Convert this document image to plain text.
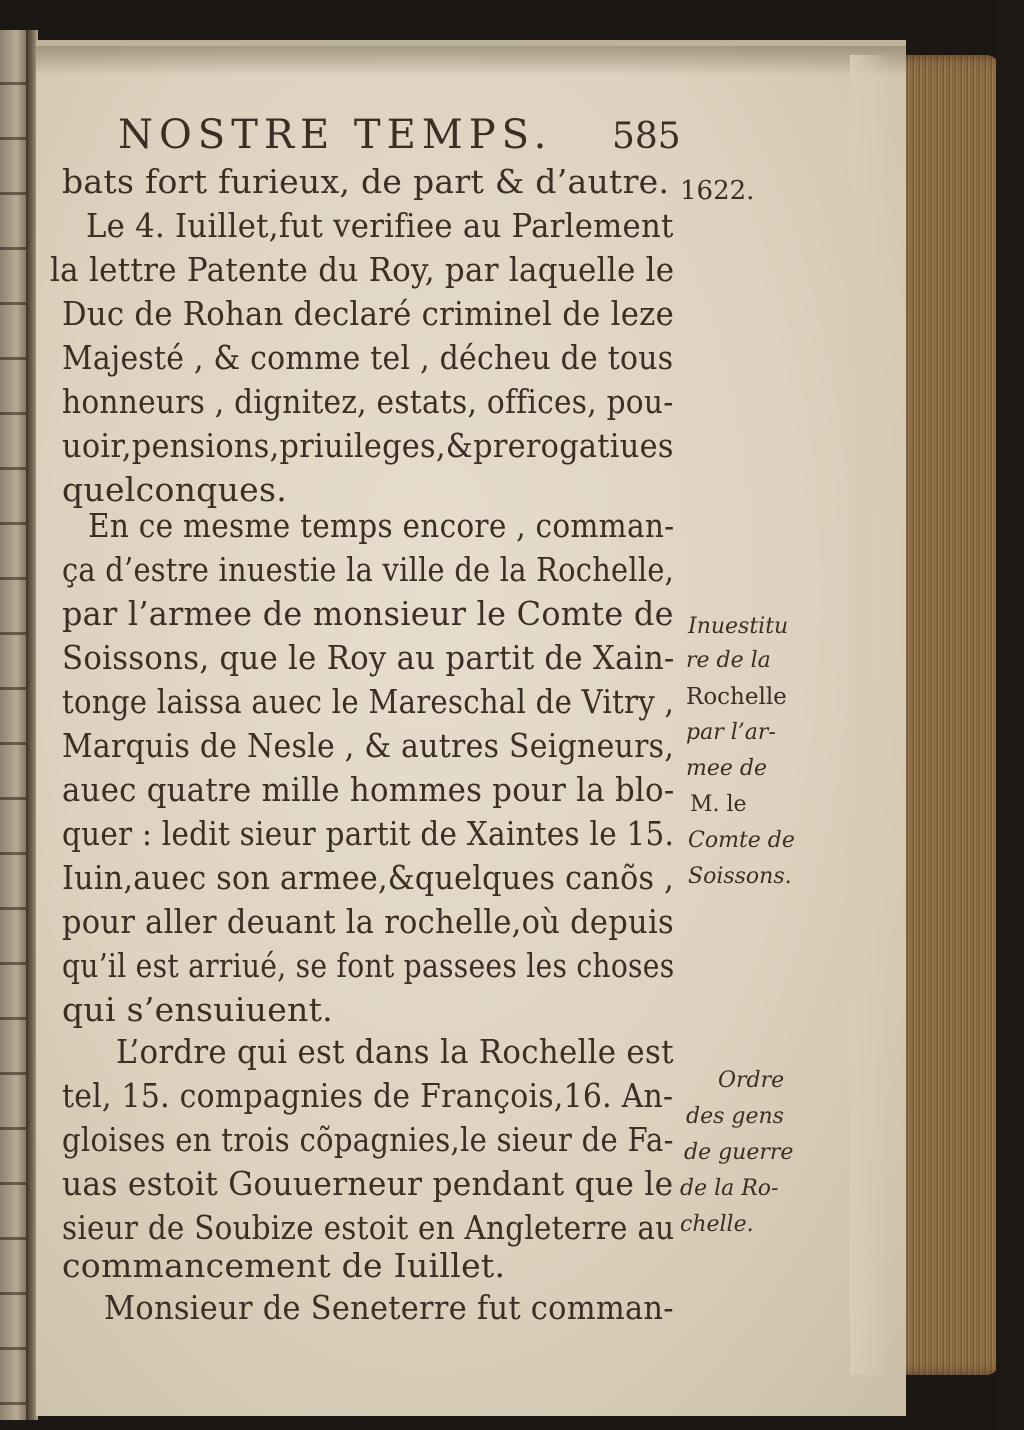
NOSTRE TEMPS. 585
1622.
bats fort furieux, de part & d’autre.
Le 4. Iuillet,fut verifiee au Parlement
la lettre Patente du Roy, par laquelle le
Duc de Rohan declaré criminel de leze
Majesté , & comme tel , décheu de tous
honneurs , dignitez, estats, offices, pou-
uoir,pensions,priuileges,&prerogatiues
quelconques.
En ce mesme temps encore , comman-
ça d’estre inuestie la ville de la Rochelle,
par l’armee de monsieur le Comte de
Soissons, que le Roy au partit de Xain-
tonge laissa auec le Mareschal de Vitry ,
Marquis de Nesle , & autres Seigneurs,
auec quatre mille hommes pour la blo-
quer : ledit sieur partit de Xaintes le 15.
Iuin,auec son armee,&quelques canõs ,
pour aller deuant la rochelle,où depuis
qu’il est arriué, se font passees les choses
qui s’ensuiuent.
L’ordre qui est dans la Rochelle est
tel, 15. compagnies de François,16. An-
gloises en trois cõpagnies,le sieur de Fa-
uas estoit Gouuerneur pendant que le
sieur de Soubize estoit en Angleterre au
commancement de Iuillet.
Monsieur de Seneterre fut comman-
Inuestitu
re de la
Rochelle
par l’ar-
mee de
M. le
Comte de
Soissons.
Ordre
des gens
de guerre
de la Ro-
chelle.
